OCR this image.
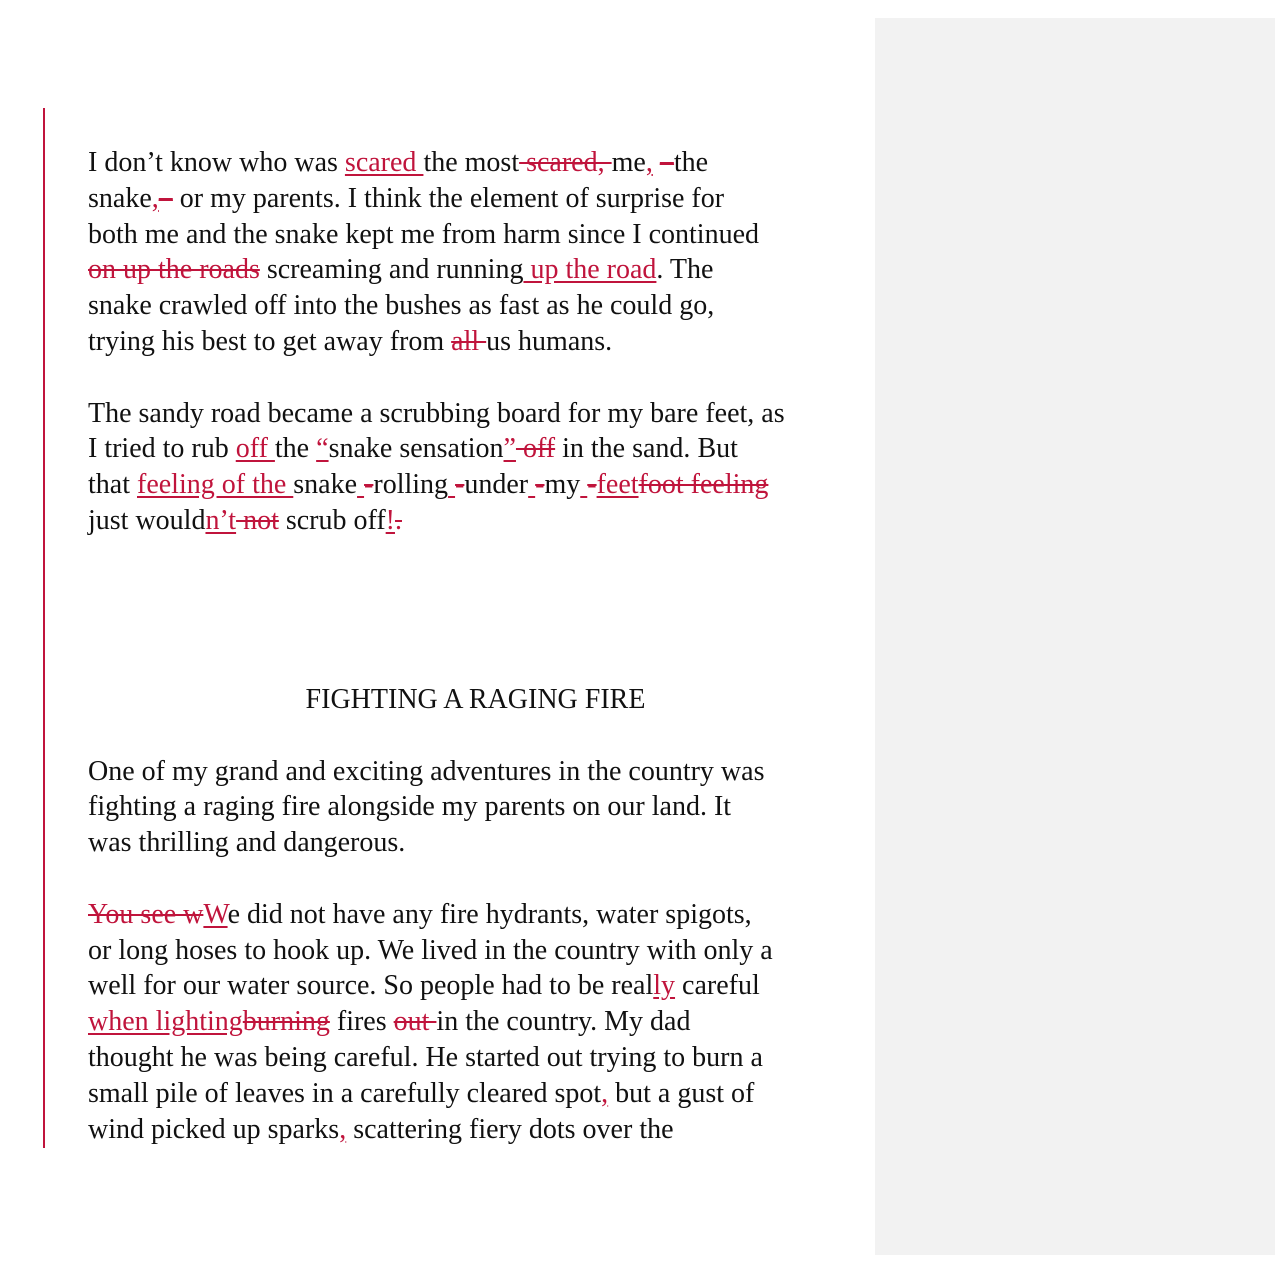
I don’t know who was scared the most scared, me, –the
snake,– or my parents. I think the element of surprise for
both me and the snake kept me from harm since I continued
on up the roads screaming and running up the road. The
snake crawled off into the bushes as fast as he could go,
trying his best to get away from all us humans.
The sandy road became a scrubbing board for my bare feet, as
I tried to rub off the “snake sensation” off in the sand. But
that feeling of the snake -rolling -under -my -feetfoot feeling
just wouldn’t not scrub off!.
FIGHTING A RAGING FIRE
One of my grand and exciting adventures in the country was
fighting a raging fire alongside my parents on our land. It
was thrilling and dangerous.
You see wWe did not have any fire hydrants, water spigots,
or long hoses to hook up. We lived in the country with only a
well for our water source. So people had to be really careful
when lightingburning fires out in the country. My dad
thought he was being careful. He started out trying to burn a
small pile of leaves in a carefully cleared spot, but a gust of
wind picked up sparks, scattering fiery dots over the
